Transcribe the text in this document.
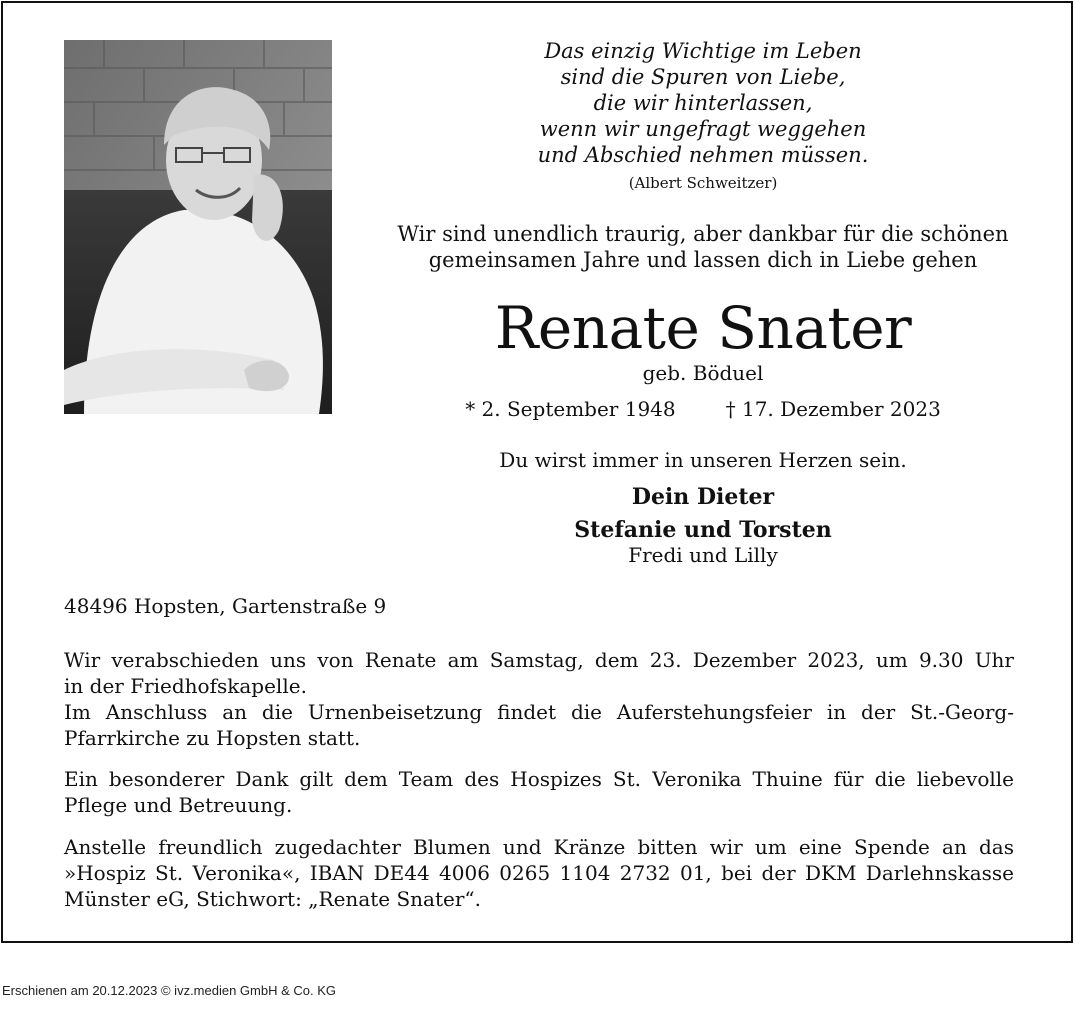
Das einzig Wichtige im Leben
sind die Spuren von Liebe,
die wir hinterlassen,
wenn wir ungefragt weggehen
und Abschied nehmen müssen.
(Albert Schweitzer)
Wir sind unendlich traurig, aber dankbar für die schönen
gemeinsamen Jahre und lassen dich in Liebe gehen
Renate Snater
geb. Böduel
* 2. September 1948	† 17. Dezember 2023
Du wirst immer in unseren Herzen sein.
Dein Dieter
Stefanie und Torsten
Fredi und Lilly
48496 Hopsten, Gartenstraße 9
Wir verabschieden uns von Renate am Samstag, dem 23. Dezember 2023, um 9.30 Uhr
in der Friedhofskapelle.
Im Anschluss an die Urnenbeisetzung findet die Auferstehungsfeier in der St.-Georg-
Pfarrkirche zu Hopsten statt.
Ein besonderer Dank gilt dem Team des Hospizes St. Veronika Thuine für die liebevolle
Pflege und Betreuung.
Anstelle freundlich zugedachter Blumen und Kränze bitten wir um eine Spende an das
»Hospiz St. Veronika«, IBAN DE44 4006 0265 1104 2732 01, bei der DKM Darlehnskasse
Münster eG, Stichwort: „Renate Snater“.
Erschienen am 20.12.2023 © ivz.medien GmbH & Co. KG
